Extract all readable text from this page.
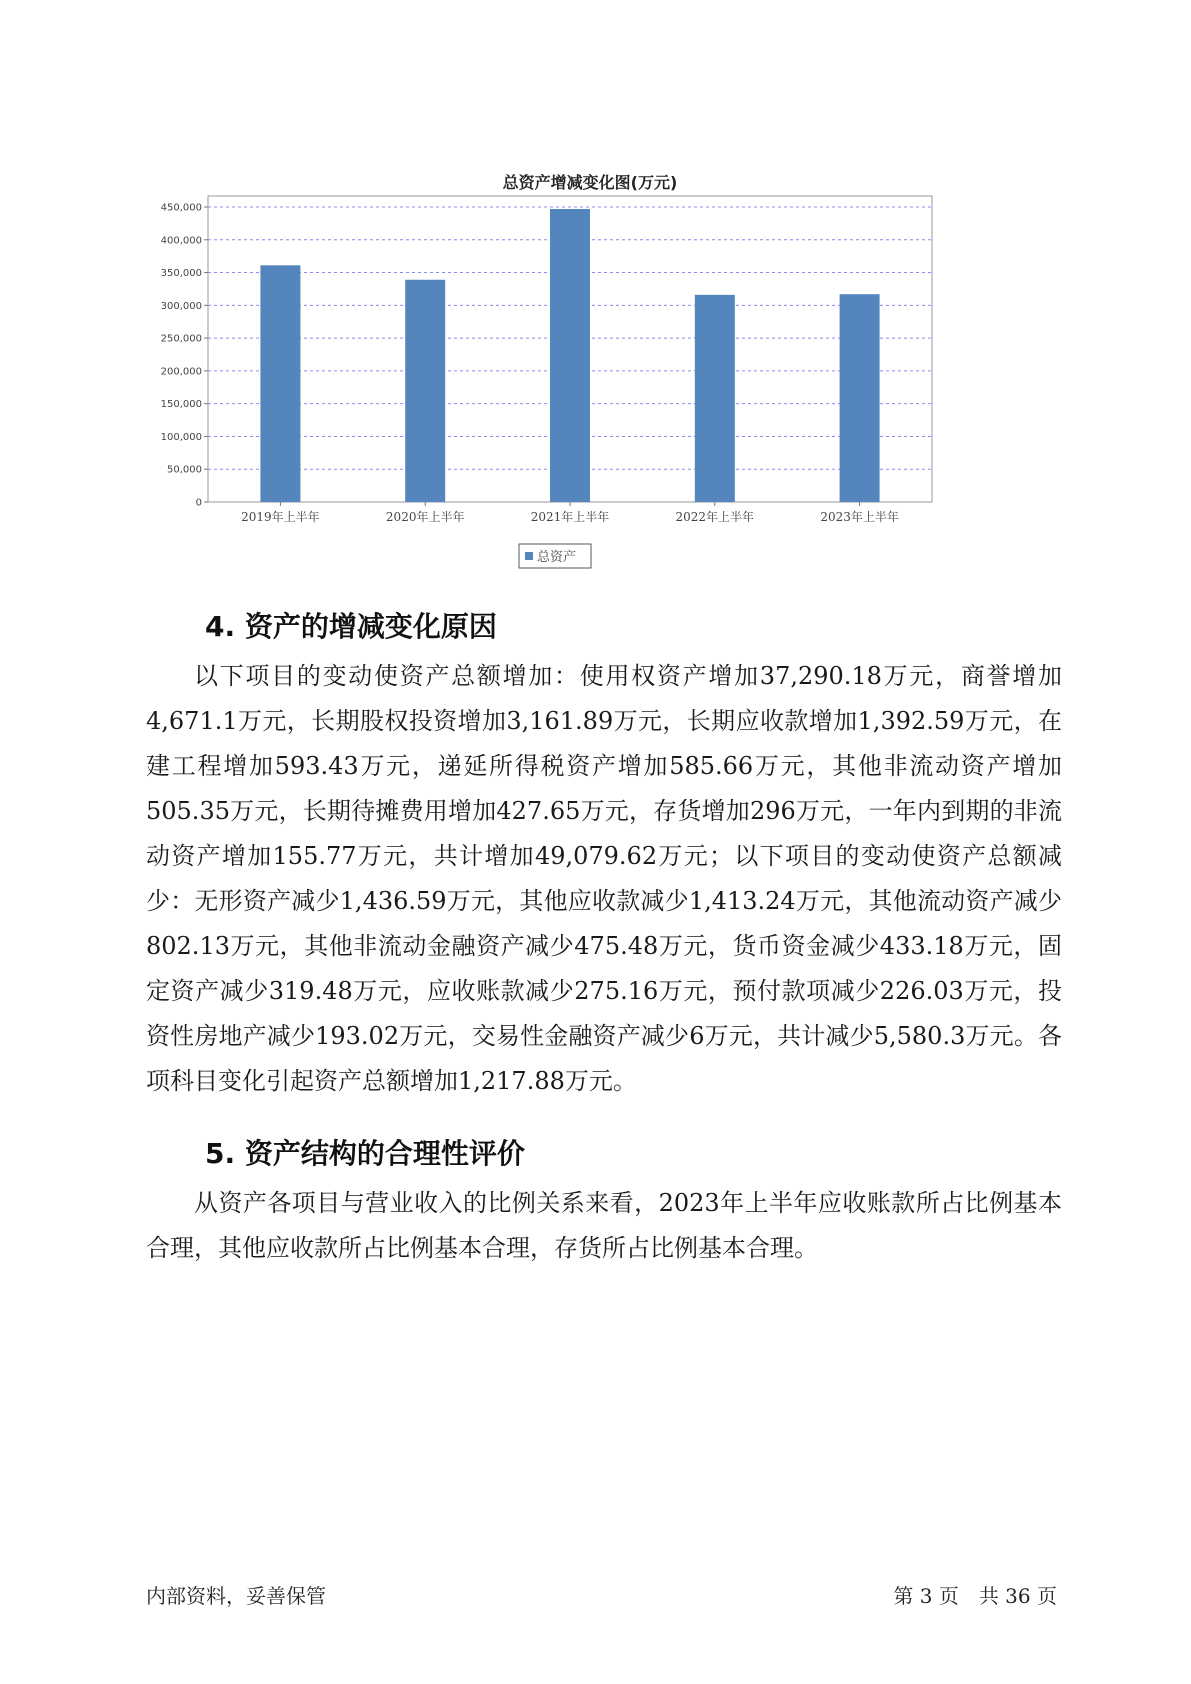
0
50,000
100,000
150,000
200,000
250,000
300,000
350,000
400,000
450,000
2019年上半年	2020年上半年	2021年上半年	2022年上半年	2023年上半年
总资产
总资产增减变化图(万元)
4. 资产的增减变化原因

以下项目的变动使资产总额增加：使用权资产增加37,290.18万元，商誉增加4,671.1万元，长期股权投资增加3,161.89万元，长期应收款增加1,392.59万元，在建工程增加593.43万元，递延所得税资产增加585.66万元，其他非流动资产增加505.35万元，长期待摊费用增加427.65万元，存货增加296万元，一年内到期的非流动资产增加155.77万元，共计增加49,079.62万元；以下项目的变动使资产总额减少：无形资产减少1,436.59万元，其他应收款减少1,413.24万元，其他流动资产减少802.13万元，其他非流动金融资产减少475.48万元，货币资金减少433.18万元，固定资产减少319.48万元，应收账款减少275.16万元，预付款项减少226.03万元，投资性房地产减少193.02万元，交易性金融资产减少6万元，共计减少5,580.3万元。各项科目变化引起资产总额增加1,217.88万元。

5. 资产结构的合理性评价

从资产各项目与营业收入的比例关系来看，2023年上半年应收账款所占比例基本合理，其他应收款所占比例基本合理，存货所占比例基本合理。

内部资料，妥善保管	第 3 页　共 36 页
